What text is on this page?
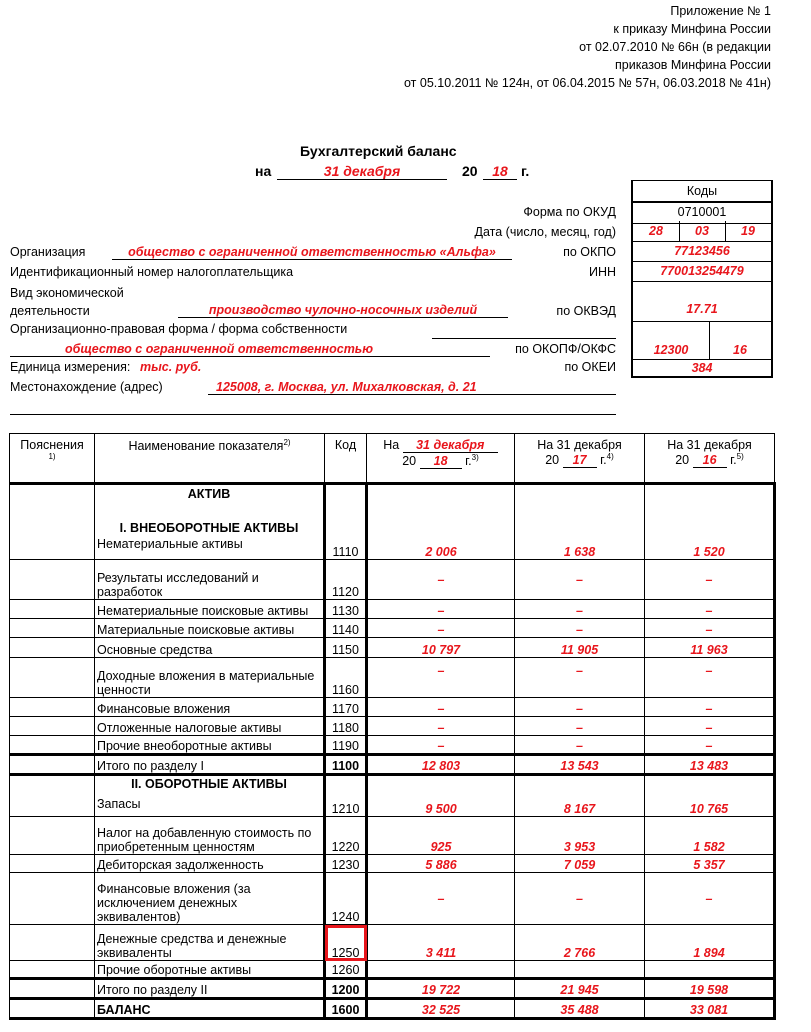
Приложение № 1
к приказу Минфина России
от 02.07.2010 № 66н (в редакции
приказов Минфина России
от 05.10.2011 № 124н, от 06.04.2015 № 57н, 06.03.2018 № 41н)
Бухгалтерский баланс
на	31 декабря	20	18 г.
Коды
0710001
28	03	19
77123456
770013254479
17.71
12300	16
384
Форма по ОКУД
Дата (число, месяц, год)
Организация	общество с ограниченной ответственностью «Альфа»	по ОКПО
Идентификационный номер налогоплательщика	ИНН
Вид экономической
деятельности	производство чулочно-носочных изделий	по ОКВЭД
Организационно-правовая форма / форма собственности
общество с ограниченной ответственностью	по ОКОПФ/ОКФС
Единица измерения: тыс. руб.	по ОКЕИ
Местонахождение (адрес)	125008, г. Москва, ул. Михалковская, д. 21
Пояснения
$^{1)}$	Наименование показателя$^{2)}$	Код	На 31 декабря
20 18 г.$^{3)}$	На 31 декабря
20 17 г.$^{4)}$	На 31 декабря
20 16 г.$^{5)}$

	АКТИВ
I. ВНЕОБОРОТНЫЕ АКТИВЫ
Нематериальные активы	1110	2 006	1 638	1 520
	Результаты исследований и разработок	1120	–	–	–
	Нематериальные поисковые активы	1130	–	–	–
	Материальные поисковые активы	1140	–	–	–
	Основные средства	1150	10 797	11 905	11 963
	Доходные вложения в материальные ценности	1160	–	–	–
	Финансовые вложения	1170	–	–	–
	Отложенные налоговые активы	1180	–	–	–
	Прочие внеоборотные активы	1190	–	–	–
	Итого по разделу I	1100	12 803	13 543	13 483

	II. ОБОРОТНЫЕ АКТИВЫ
Запасы	1210	9 500	8 167	10 765
	Налог на добавленную стоимость по приобретенным ценностям	1220	925	3 953	1 582
	Дебиторская задолженность	1230	5 886	7 059	5 357
	Финансовые вложения (за исключением денежных эквивалентов)	1240	–	–	–
	Денежные средства и денежные эквиваленты	1250	3 411	2 766	1 894
	Прочие оборотные активы	1260			
	Итого по разделу II	1200	19 722	21 945	19 598
	БАЛАНС	1600	32 525	35 488	33 081
